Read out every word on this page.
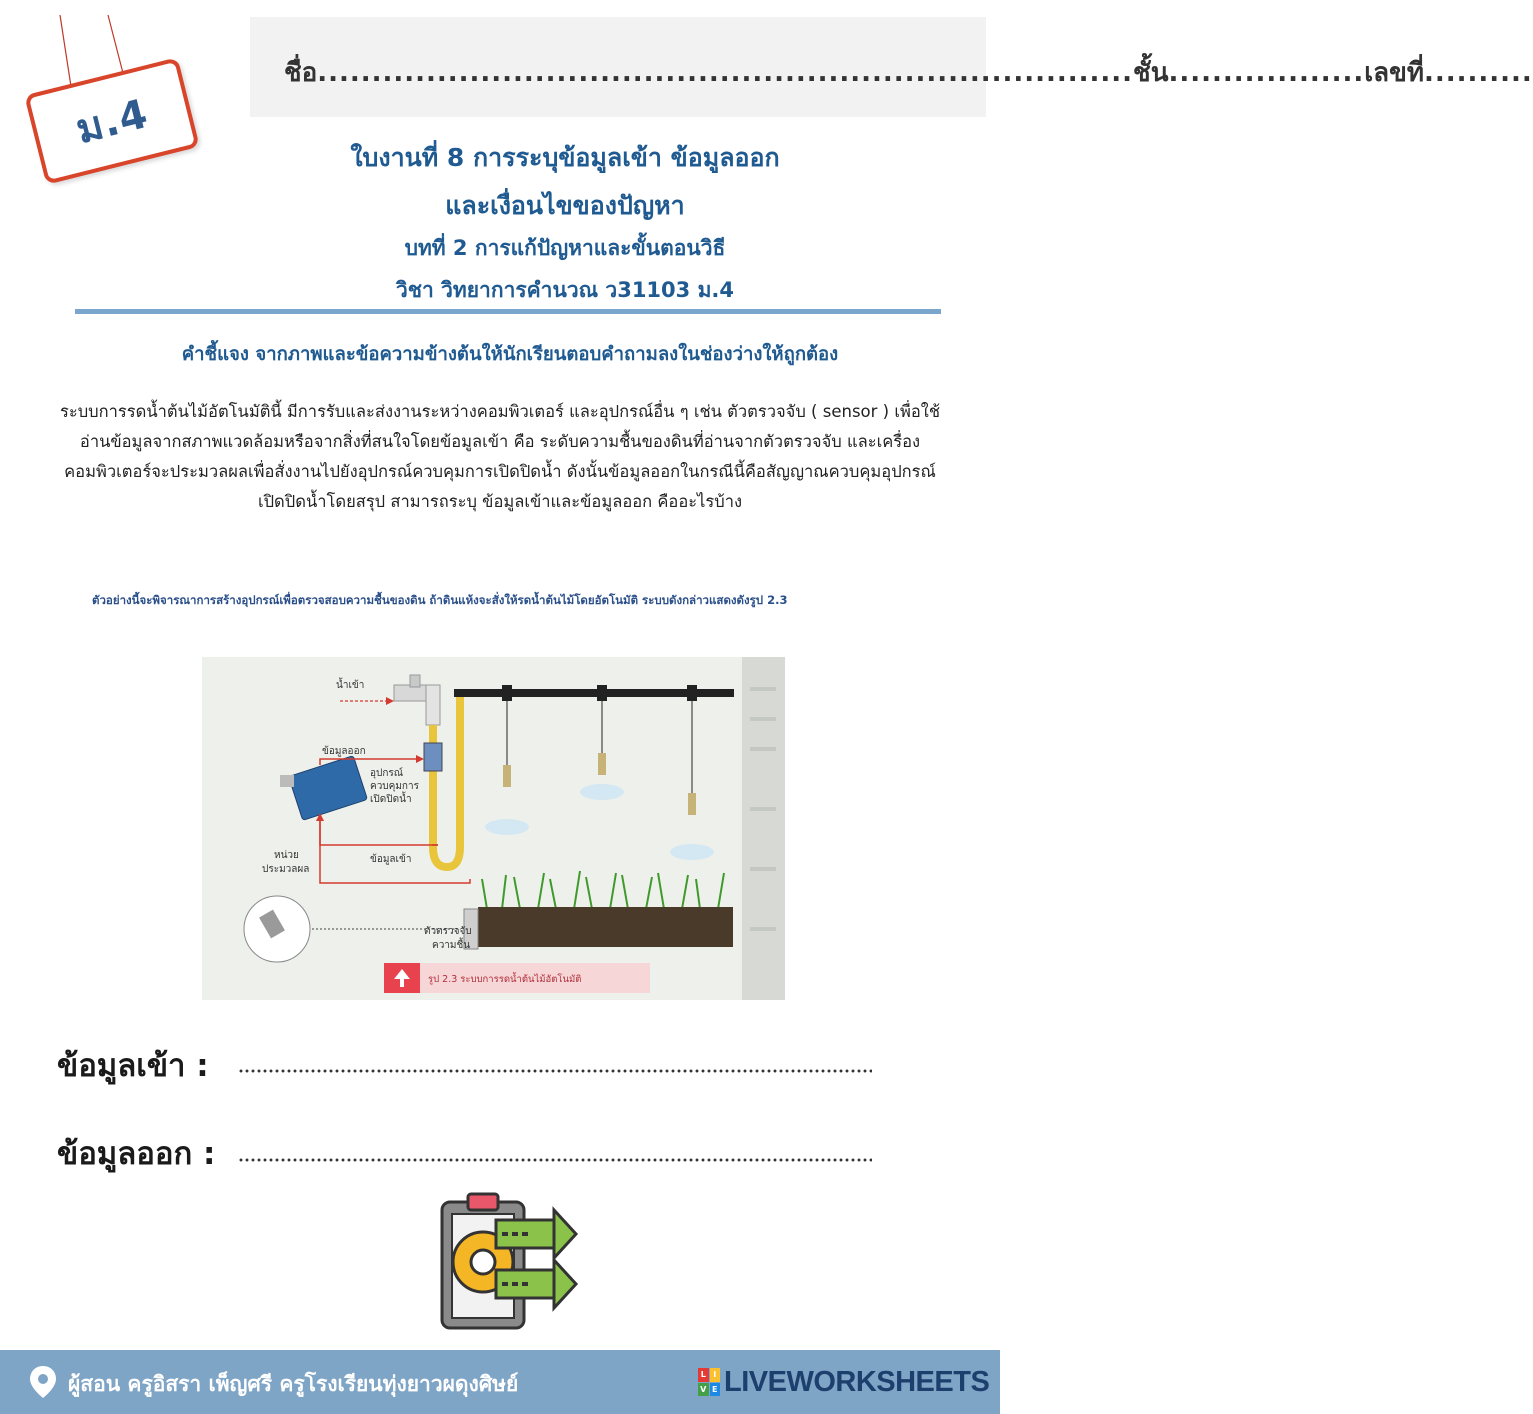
ม.4
ชื่อ...........................................................................ชั้น..................เลขที่..........
ใบงานที่ 8 การระบุข้อมูลเข้า ข้อมูลออก
และเงื่อนไขของปัญหา
บทที่ 2 การแก้ปัญหาและขั้นตอนวิธี
วิชา วิทยาการคำนวณ ว31103 ม.4
คำชี้แจง จากภาพและข้อความข้างต้นให้นักเรียนตอบคำถามลงในช่องว่างให้ถูกต้อง
ระบบการรดน้ำต้นไม้อัตโนมัตินี้ มีการรับและส่งงานระหว่างคอมพิวเตอร์ และอุปกรณ์อื่น ๆ เช่น ตัวตรวจจับ ( sensor ) เพื่อใช้ อ่านข้อมูลจากสภาพแวดล้อมหรือจากสิ่งที่สนใจโดยข้อมูลเข้า คือ ระดับความชื้นของดินที่อ่านจากตัวตรวจจับ และเครื่องคอมพิวเตอร์จะประมวลผลเพื่อสั่งงานไปยังอุปกรณ์ควบคุมการเปิดปิดน้ำ ดังนั้นข้อมูลออกในกรณีนี้คือสัญญาณควบคุมอุปกรณ์เปิดปิดน้ำโดยสรุป สามารถระบุ ข้อมูลเข้าและข้อมูลออก คืออะไรบ้าง
ตัวอย่างนี้จะพิจารณาการสร้างอุปกรณ์เพื่อตรวจสอบความชื้นของดิน ถ้าดินแห้งจะสั่งให้รดน้ำต้นไม้โดยอัตโนมัติ ระบบดังกล่าวแสดงดังรูป 2.3
น้ำเข้า
ข้อมูลออก
อุปกรณ์
ควบคุมการ
เปิดปิดน้ำ
หน่วย
ประมวลผล
ข้อมูลเข้า
ตัวตรวจจับ
ความชื้น
รูป 2.3 ระบบการรดน้ำต้นไม้อัตโนมัติ
ข้อมูลเข้า :
ข้อมูลออก :
ผู้สอน ครูอิสรา เพ็ญศรี ครูโรงเรียนทุ่งยาวผดุงศิษย์	L I
V E LIVEWORKSHEETS
